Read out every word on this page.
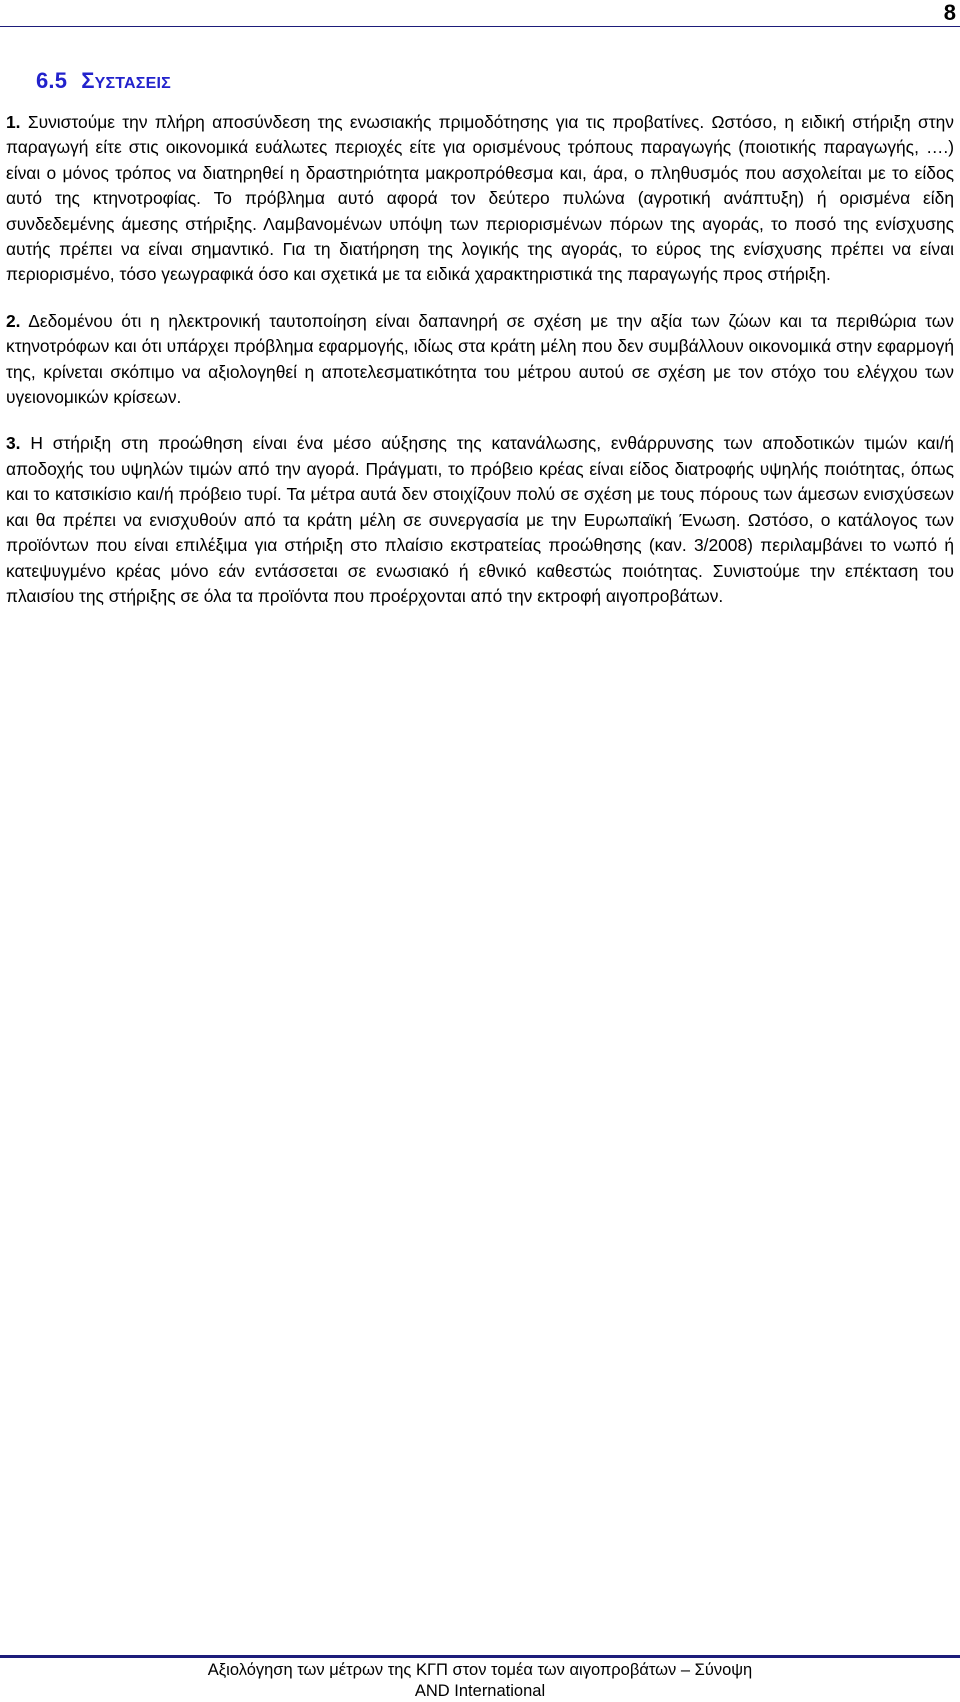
8
6.5 ΣΥΣΤΑΣΕΙΣ

1. Συνιστούμε την πλήρη αποσύνδεση της ενωσιακής πριμοδότησης για τις προβατίνες. Ωστόσο, η ειδική στήριξη στην παραγωγή είτε στις οικονομικά ευάλωτες περιοχές είτε για ορισμένους τρόπους παραγωγής (ποιοτικής παραγωγής, ….) είναι ο μόνος τρόπος να διατηρηθεί η δραστηριότητα μακροπρόθεσμα και, άρα, ο πληθυσμός που ασχολείται με το είδος αυτό της κτηνοτροφίας. Το πρόβλημα αυτό αφορά τον δεύτερο πυλώνα (αγροτική ανάπτυξη) ή ορισμένα είδη συνδεδεμένης άμεσης στήριξης. Λαμβανομένων υπόψη των περιορισμένων πόρων της αγοράς, το ποσό της ενίσχυσης αυτής πρέπει να είναι σημαντικό. Για τη διατήρηση της λογικής της αγοράς, το εύρος της ενίσχυσης πρέπει να είναι περιορισμένο, τόσο γεωγραφικά όσο και σχετικά με τα ειδικά χαρακτηριστικά της παραγωγής προς στήριξη.

2. Δεδομένου ότι η ηλεκτρονική ταυτοποίηση είναι δαπανηρή σε σχέση με την αξία των ζώων και τα περιθώρια των κτηνοτρόφων και ότι υπάρχει πρόβλημα εφαρμογής, ιδίως στα κράτη μέλη που δεν συμβάλλουν οικονομικά στην εφαρμογή της, κρίνεται σκόπιμο να αξιολογηθεί η αποτελεσματικότητα του μέτρου αυτού σε σχέση με τον στόχο του ελέγχου των υγειονομικών κρίσεων.

3. Η στήριξη στη προώθηση είναι ένα μέσο αύξησης της κατανάλωσης, ενθάρρυνσης των αποδοτικών τιμών και/ή αποδοχής του υψηλών τιμών από την αγορά. Πράγματι, το πρόβειο κρέας είναι είδος διατροφής υψηλής ποιότητας, όπως και το κατσικίσιο και/ή πρόβειο τυρί. Τα μέτρα αυτά δεν στοιχίζουν πολύ σε σχέση με τους πόρους των άμεσων ενισχύσεων και θα πρέπει να ενισχυθούν από τα κράτη μέλη σε συνεργασία με την Ευρωπαϊκή Ένωση. Ωστόσο, ο κατάλογος των προϊόντων που είναι επιλέξιμα για στήριξη στο πλαίσιο εκστρατείας προώθησης (καν. 3/2008) περιλαμβάνει το νωπό ή κατεψυγμένο κρέας μόνο εάν εντάσσεται σε ενωσιακό ή εθνικό καθεστώς ποιότητας. Συνιστούμε την επέκταση του πλαισίου της στήριξης σε όλα τα προϊόντα που προέρχονται από την εκτροφή αιγοπροβάτων.

Αξιολόγηση των μέτρων της ΚΓΠ στον τομέα των αιγοπροβάτων – Σύνοψη
AND International
